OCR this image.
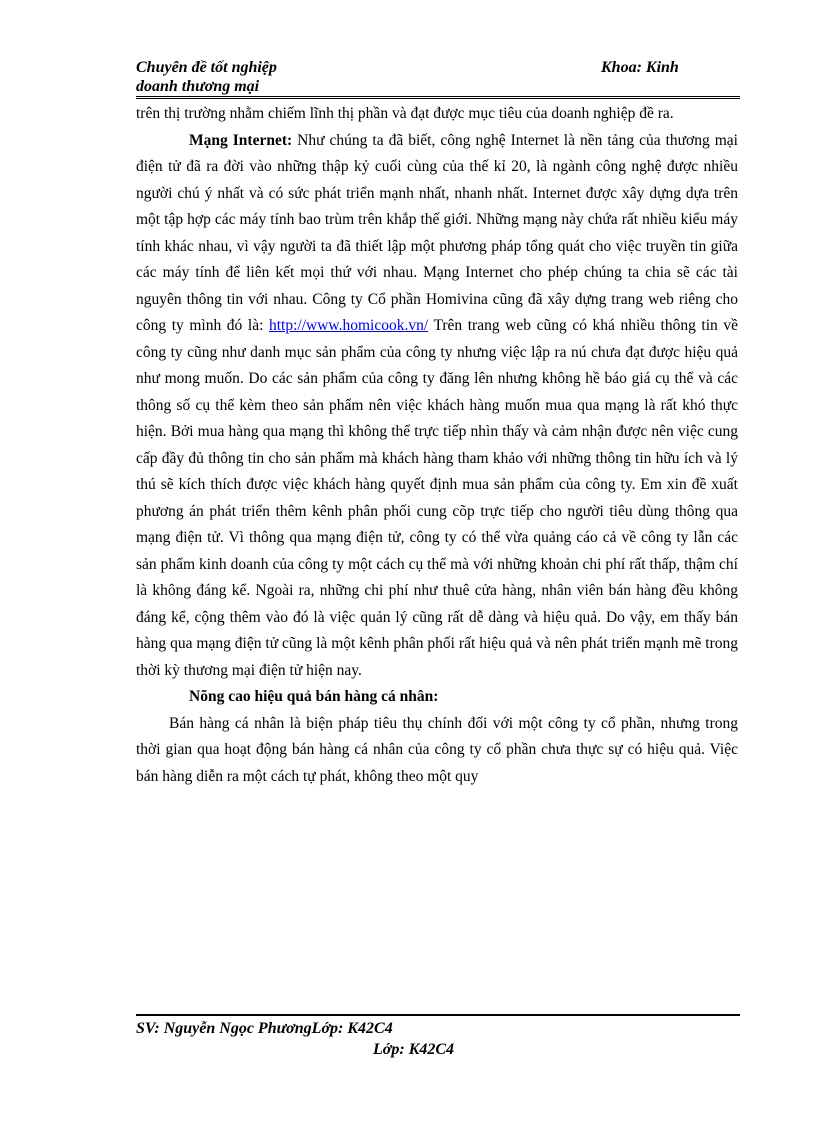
Chuyên đề tốt nghiệp
doanh thương mại
Khoa: Kinh

trên thị trường nhằm chiếm lĩnh thị phần và đạt được mục tiêu của doanh nghiệp đề ra.

Mạng Internet: Như chúng ta đã biết, công nghệ Internet là nền tảng của thương mại điện tử đã ra đời vào những thập kỷ cuối cùng của thế kỉ 20, là ngành công nghệ được nhiều người chú ý nhất và có sức phát triển mạnh nhất, nhanh nhất. Internet được xây dựng dựa trên một tập hợp các máy tính bao trùm trên khắp thế giới. Những mạng này chứa rất nhiều kiểu máy tính khác nhau, vì vậy người ta đã thiết lập một phương pháp tổng quát cho việc truyền tin giữa các máy tính để liên kết mọi thứ với nhau. Mạng Internet cho phép chúng ta chia sẽ các tài nguyên thông tin với nhau. Công ty Cổ phần Homivina cũng đã xây dựng trang web riêng cho công ty mình đó là: http://www.homicook.vn/ Trên trang web cũng có khá nhiều thông tin về công ty cũng như danh mục sản phẩm của công ty nhưng việc lập ra nú chưa đạt được hiệu quả như mong muốn. Do các sản phẩm của công ty đăng lên nhưng không hề báo giá cụ thể và các thông số cụ thể kèm theo sản phẩm nên việc khách hàng muốn mua qua mạng là rất khó thực hiện. Bởi mua hàng qua mạng thì không thể trực tiếp nhìn thấy và cảm nhận được nên việc cung cấp đầy đủ thông tin cho sản phẩm mà khách hàng tham khảo với những thông tin hữu ích và lý thú sẽ kích thích được việc khách hàng quyết định mua sản phẩm của công ty. Em xin đề xuất phương án phát triển thêm kênh phân phối cung cõp trực tiếp cho người tiêu dùng thông qua mạng điện tử. Vì thông qua mạng điện tử, công ty có thể vừa quảng cáo cả về công ty lẫn các sản phẩm kinh doanh của công ty một cách cụ thể mà với những khoản chi phí rất thấp, thậm chí là không đáng kể. Ngoài ra, những chi phí như thuê cửa hàng, nhân viên bán hàng đều không đáng kể, cộng thêm vào đó là việc quản lý cũng rất dễ dàng và hiệu quả. Do vậy, em thấy bán hàng qua mạng điện tử cũng là một kênh phân phối rất hiệu quả và nên phát triển mạnh mẽ trong thời kỳ thương mại điện tử hiện nay.

Nõng cao hiệu quả bán hàng cá nhân:

Bán hàng cá nhân là biện pháp tiêu thụ chính đối với một công ty cổ phần, nhưng trong thời gian qua hoạt động bán hàng cá nhân của công ty cổ phần chưa thực sự có hiệu quả. Việc bán hàng diễn ra một cách tự phát, không theo một quy

SV: Nguyễn Ngọc PhươngLớp: K42C4
Lớp: K42C4
